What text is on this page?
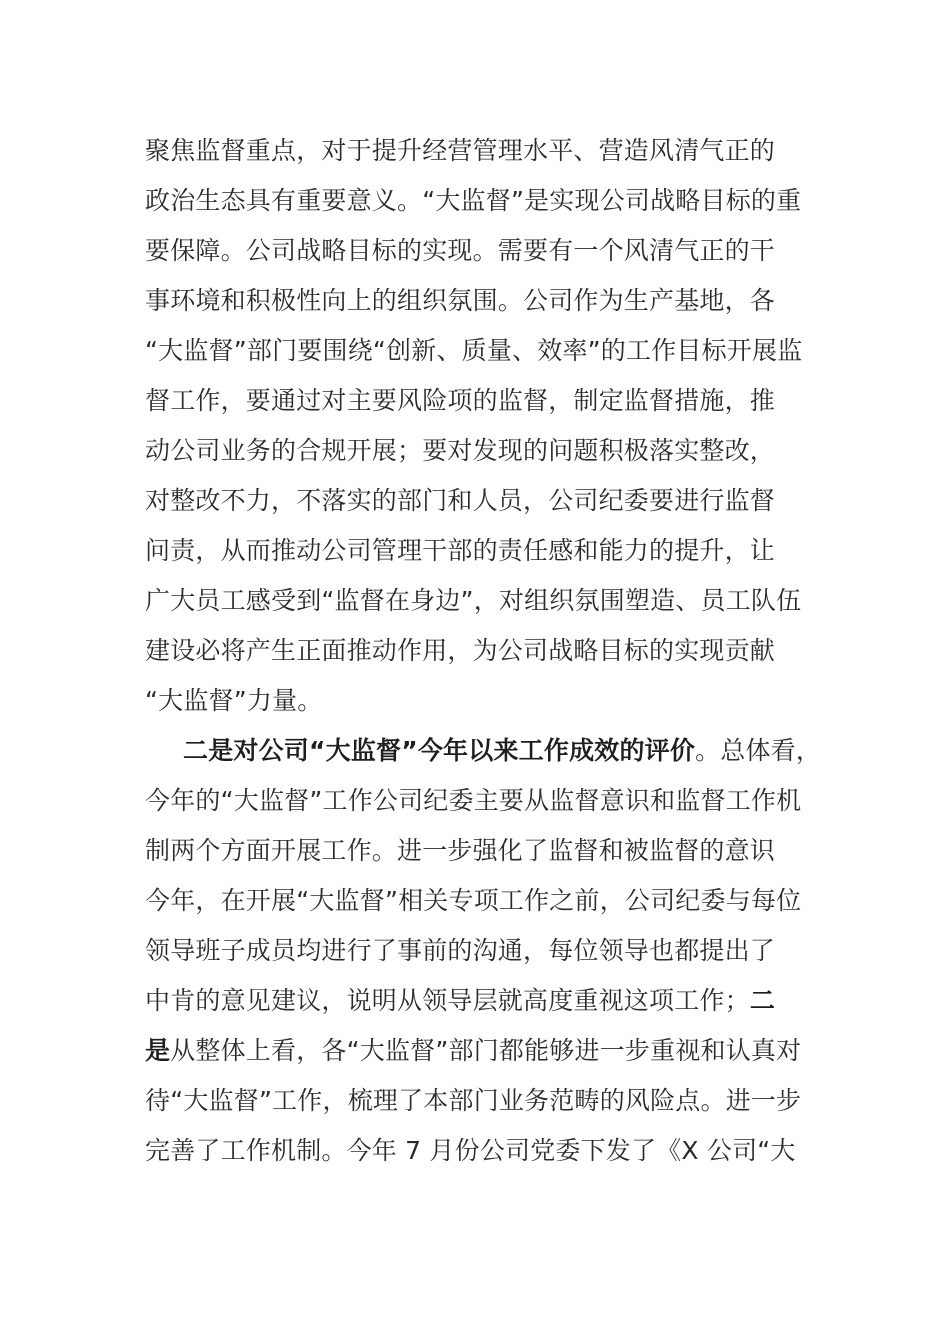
聚焦监督重点，对于提升经营管理水平、营造风清气正的
政治生态具有重要意义。“大监督”是实现公司战略目标的重
要保障。公司战略目标的实现。需要有一个风清气正的干
事环境和积极性向上的组织氛围。公司作为生产基地，各
“大监督”部门要围绕“创新、质量、效率”的工作目标开展监
督工作，要通过对主要风险项的监督，制定监督措施，推
动公司业务的合规开展；要对发现的问题积极落实整改，
对整改不力，不落实的部门和人员，公司纪委要进行监督
问责，从而推动公司管理干部的责任感和能力的提升，让
广大员工感受到“监督在身边”，对组织氛围塑造、员工队伍
建设必将产生正面推动作用，为公司战略目标的实现贡献
“大监督”力量。
二是对公司“大监督”今年以来工作成效的评价。总体看，
今年的“大监督”工作公司纪委主要从监督意识和监督工作机
制两个方面开展工作。进一步强化了监督和被监督的意识
今年，在开展“大监督”相关专项工作之前，公司纪委与每位
领导班子成员均进行了事前的沟通，每位领导也都提出了
中肯的意见建议，说明从领导层就高度重视这项工作；二
是从整体上看，各“大监督”部门都能够进一步重视和认真对
待“大监督”工作，梳理了本部门业务范畴的风险点。进一步
完善了工作机制。今年 7 月份公司党委下发了《X 公司“大
